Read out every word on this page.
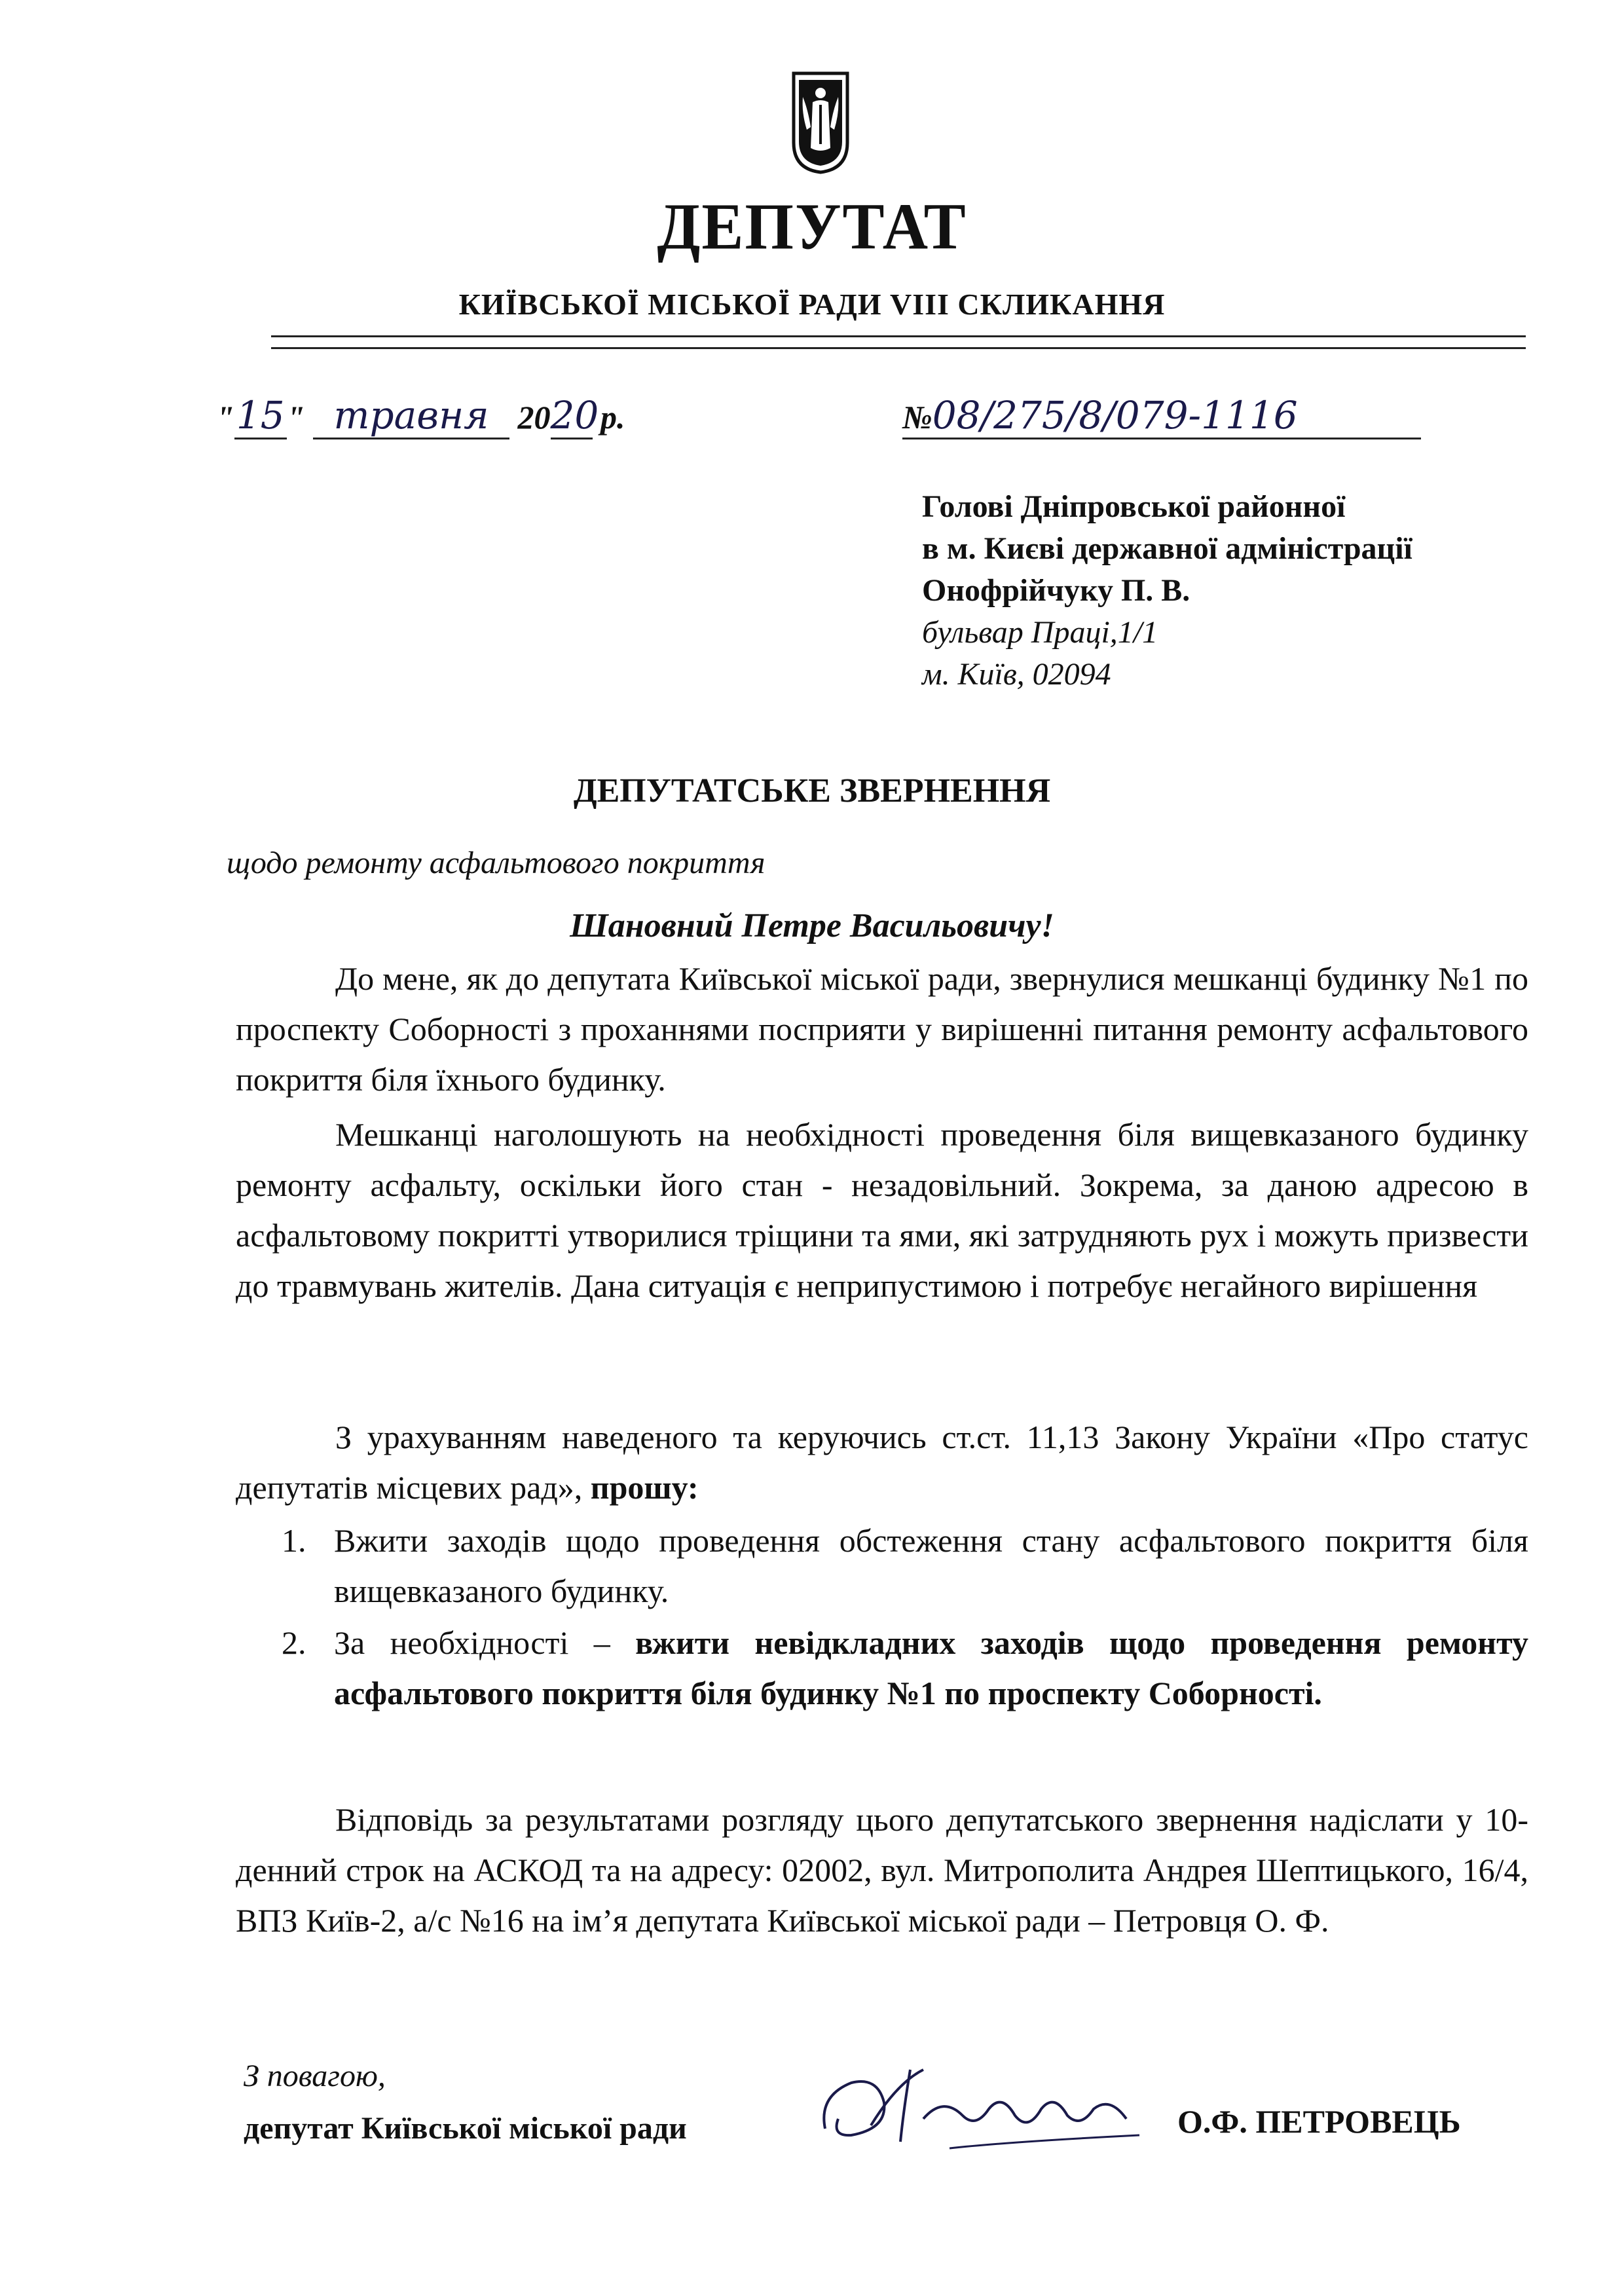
ДЕПУТАТ
КИЇВСЬКОЇ МІСЬКОЇ РАДИ VIII СКЛИКАННЯ
"15" травня 2020 р.	№08/275/8/079-1116
Голові Дніпровської районної
в м. Києві державної адміністрації
Онофрійчуку П. В.
бульвар Праці,1/1
м. Київ, 02094
ДЕПУТАТСЬКЕ ЗВЕРНЕННЯ
щодо ремонту асфальтового покриття
Шановний Петре Васильовичу!
До мене, як до депутата Київської міської ради, звернулися мешканці будинку №1 по проспекту Соборності з проханнями посприяти у вирішенні питання ремонту асфальтового покриття біля їхнього будинку.
Мешканці наголошують на необхідності проведення біля вищевказаного будинку ремонту асфальту, оскільки його стан - незадовільний. Зокрема, за даною адресою в асфальтовому покритті утворилися тріщини та ями, які затрудняють рух і можуть призвести до травмувань жителів. Дана ситуація є неприпустимою і потребує негайного вирішення
З урахуванням наведеного та керуючись ст.ст. 11,13 Закону України «Про статус депутатів місцевих рад», прошу:
1. Вжити заходів щодо проведення обстеження стану асфальтового покриття біля вищевказаного будинку.
2. За необхідності – вжити невідкладних заходів щодо проведення ремонту асфальтового покриття біля будинку №1 по проспекту Соборності.
Відповідь за результатами розгляду цього депутатського звернення надіслати у 10-денний строк на АСКОД та на адресу: 02002, вул. Митрополита Андрея Шептицького, 16/4, ВПЗ Київ-2, а/с №16 на ім’я депутата Київської міської ради – Петровця О. Ф.
З повагою,
депутат Київської міської ради	О.Ф. ПЕТРОВЕЦЬ
